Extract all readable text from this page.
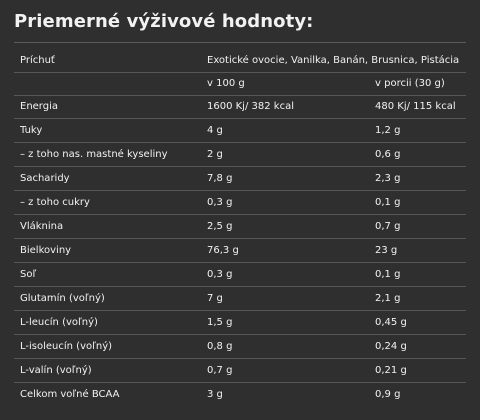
Priemerné výživové hodnoty:
Príchuť	Exotické ovocie, Vanilka, Banán, Brusnica, Pistácia	
	v 100 g	v porcii (30 g)
Energia	1600 Kj/ 382 kcal	480 Kj/ 115 kcal
Tuky	4 g	1,2 g
– z toho nas. mastné kyseliny	2 g	0,6 g
Sacharidy	7,8 g	2,3 g
– z toho cukry	0,3 g	0,1 g
Vláknina	2,5 g	0,7 g
Bielkoviny	76,3 g	23 g
Soľ	0,3 g	0,1 g
Glutamín (voľný)	7 g	2,1 g
L-leucín (voľný)	1,5 g	0,45 g
L-isoleucín (voľný)	0,8 g	0,24 g
L-valín (voľný)	0,7 g	0,21 g
Celkom voľné BCAA	3 g	0,9 g
